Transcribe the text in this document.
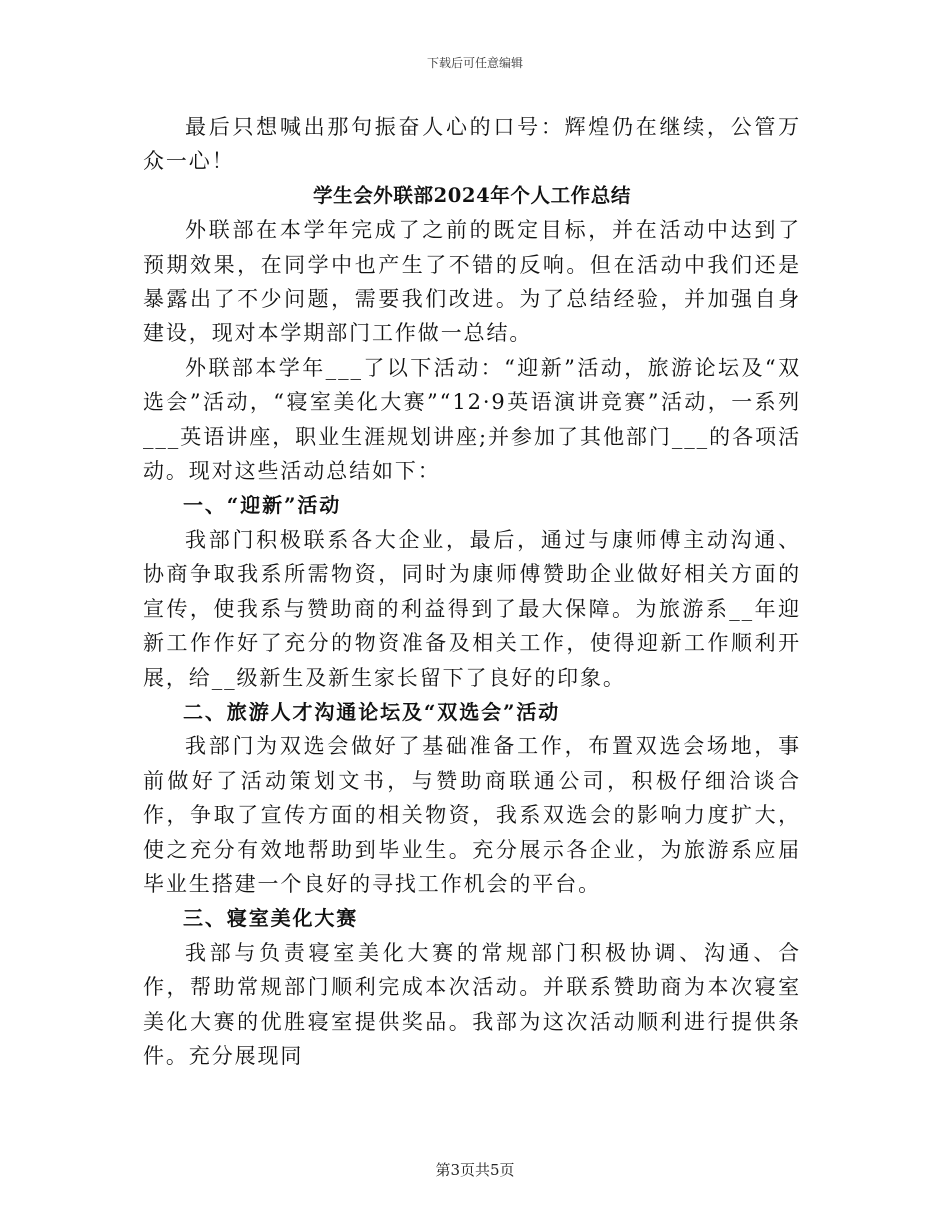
下载后可任意编辑

最后只想喊出那句振奋人心的口号：辉煌仍在继续，公管万众一心！

学生会外联部2024年个人工作总结

外联部在本学年完成了之前的既定目标，并在活动中达到了预期效果，在同学中也产生了不错的反响。但在活动中我们还是暴露出了不少问题，需要我们改进。为了总结经验，并加强自身建设，现对本学期部门工作做一总结。

外联部本学年___了以下活动：“迎新”活动，旅游论坛及“双选会”活动，“寝室美化大赛”“12·9英语演讲竞赛”活动，一系列___英语讲座，职业生涯规划讲座;并参加了其他部门___的各项活动。现对这些活动总结如下：

一、“迎新”活动

我部门积极联系各大企业，最后，通过与康师傅主动沟通、协商争取我系所需物资，同时为康师傅赞助企业做好相关方面的宣传，使我系与赞助商的利益得到了最大保障。为旅游系__年迎新工作作好了充分的物资准备及相关工作，使得迎新工作顺利开展，给__级新生及新生家长留下了良好的印象。

二、旅游人才沟通论坛及“双选会”活动

我部门为双选会做好了基础准备工作，布置双选会场地，事前做好了活动策划文书，与赞助商联通公司，积极仔细洽谈合作，争取了宣传方面的相关物资，我系双选会的影响力度扩大，使之充分有效地帮助到毕业生。充分展示各企业，为旅游系应届毕业生搭建一个良好的寻找工作机会的平台。

三、寝室美化大赛

我部与负责寝室美化大赛的常规部门积极协调、沟通、合作，帮助常规部门顺利完成本次活动。并联系赞助商为本次寝室美化大赛的优胜寝室提供奖品。我部为这次活动顺利进行提供条件。充分展现同

第3页共5页
